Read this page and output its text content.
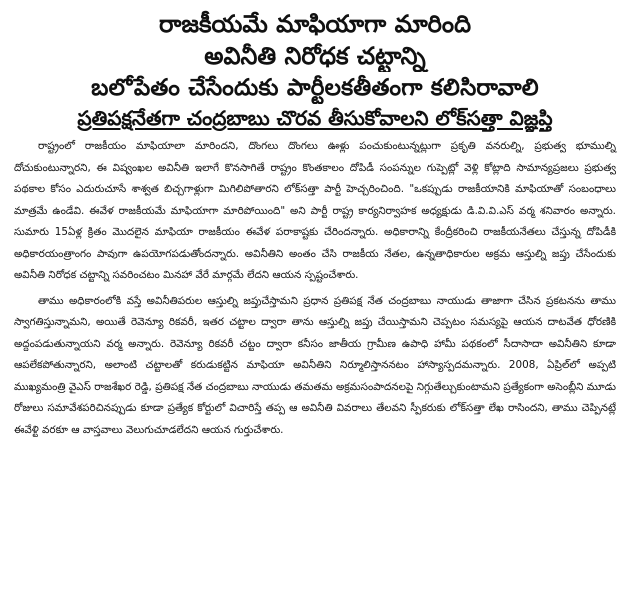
రాజకీయమే మాఫియాగా మారింది
అవినీతి నిరోధక చట్టాన్ని
బలోపేతం చేసేందుకు పార్టీలకతీతంగా కలిసిరావాలి
ప్రతిపక్షనేతగా చంద్రబాబు చొరవ తీసుకోవాలని లోక్‌సత్తా విజ్ఞప్తి

రాష్ట్రంలో రాజకీయం మాఫియాలా మారిందని, దొంగలు దొంగలు ఊళ్లు పంచుకుంటున్నట్లుగా ప్రకృతి వనరుల్ని, ప్రభుత్వ భూముల్ని దోచుకుంటున్నారని, ఈ విష్వంఖల అవినీతి ఇలాగే కొనసాగితే రాష్ట్రం కొంతకాలం దోపిడీ సంపన్నుల గుప్పెట్లో వెళ్లి కోట్లాది సామాన్యప్రజలు ప్రభుత్వ పథకాల కోసం ఎదురుచూసే శాశ్వత బిచ్చగాళ్లుగా మిగిలిపోతారని లోక్‌సత్తా పార్టీ హెచ్చరించింది. "ఒకప్పుడు రాజకీయానికి మాఫియాతో సంబంధాలు మాత్రమే ఉండేవి. ఈవేళ రాజకీయమే మాఫియాగా మారిపోయింది" అని పార్టీ రాష్ట్ర కార్యనిర్వాహక అధ్యక్షుడు డి.వి.వి.ఎస్ వర్మ శనివారం అన్నారు. సుమారు 15ఏళ్ల క్రితం మొదలైన మాఫియా రాజకీయం ఈవేళ పరాకాష్టకు చేరిందన్నారు. అధికారాన్ని కేంద్రీకరించి రాజకీయనేతలు చేస్తున్న దోపిడీకి అధికారయంత్రాంగం పావుగా ఉపయోగపడుతోందన్నారు. అవినీతిని అంతం చేసి రాజకీయ నేతల, ఉన్నతాధికారుల అక్రమ ఆస్తుల్ని జప్తు చేసేందుకు అవినీతి నిరోధక చట్టాన్ని సవరించటం మినహా వేరే మార్గమే లేదని ఆయన స్పష్టంచేశారు.

తాము అధికారంలోకి వస్తే అవినీతిపరుల ఆస్తుల్ని జప్తుచేస్తామని ప్రధాన ప్రతిపక్ష నేత చంద్రబాబు నాయుడు తాజాగా చేసిన ప్రకటనను తాము స్వాగతిస్తున్నామని, అయితే రెవెన్యూ రికవరీ, ఇతర చట్టాల ద్వారా తాను ఆస్తుల్ని జప్తు చేయిస్తామని చెప్పటం సమస్యపై ఆయన దాటవేత ధోరణికి అద్దంపడుతున్నాయని వర్మ అన్నారు. రెవెన్యూ రికవరీ చట్టం ద్వారా కనీసం జాతీయ గ్రామీణ ఉపాధి హామీ పథకంలో సీదాసాదా అవినీతిని కూడా ఆపలేకపోతున్నారని, అలాంటి చట్టాలతో కరుడుకట్టిన మాఫియా అవినీతిని నిర్మూలిస్తాననటం హాస్యాస్పదమన్నారు. 2008, ఏప్రిల్‌లో అప్పటి ముఖ్యమంత్రి వైఎస్ రాజశేఖర రెడ్డి, ప్రతిపక్ష నేత చంద్రబాబు నాయుడు తమతమ అక్రమసంపాదనలపై నిగ్గుతేల్చుకుంటామని ప్రత్యేకంగా అసెంబ్లీని మూడు రోజులు సమావేశపరిచినప్పుడు కూడా ప్రత్యేక కోర్టులో విచారిస్తే తప్ప ఆ అవినీతి వివరాలు తేలవని స్పీకరుకు లోక్‌సత్తా లేఖ రాసిందని, తాము చెప్పినట్లే ఈవేళ్టి వరకూ ఆ వాస్తవాలు వెలుగుచూడలేదని ఆయన గుర్తుచేశారు.
